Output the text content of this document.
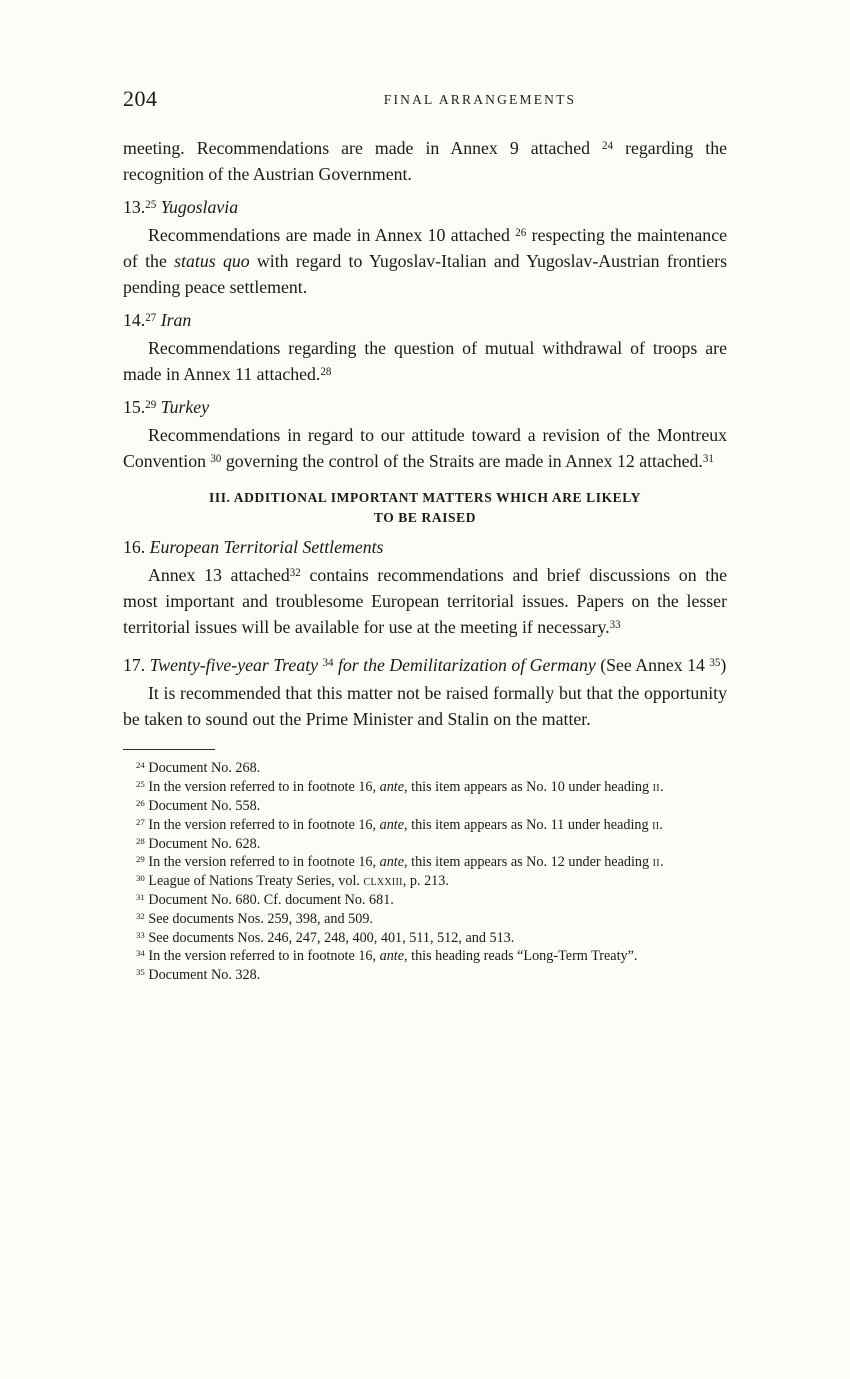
204	FINAL ARRANGEMENTS

meeting. Recommendations are made in Annex 9 attached $^{24}$ regarding the recognition of the Austrian Government.

13.25 Yugoslavia

Recommendations are made in Annex 10 attached $^{26}$ respecting the maintenance of the status quo with regard to Yugoslav-Italian and Yugoslav-Austrian frontiers pending peace settlement.

14.27 Iran

Recommendations regarding the question of mutual withdrawal of troops are made in Annex 11 attached.$^{28}$

15.29 Turkey

Recommendations in regard to our attitude toward a revision of the Montreux Convention $^{30}$ governing the control of the Straits are made in Annex 12 attached.$^{31}$

III. ADDITIONAL IMPORTANT MATTERS WHICH ARE LIKELY
TO BE RAISED
16. European Territorial Settlements

Annex 13 attached$^{32}$ contains recommendations and brief discussions on the most important and troublesome European territorial issues. Papers on the lesser territorial issues will be available for use at the meeting if necessary.$^{33}$

17. Twenty-five-year Treaty $^{34}$ for the Demilitarization of Germany (See Annex 14 $^{35}$)

It is recommended that this matter not be raised formally but that the opportunity be taken to sound out the Prime Minister and Stalin on the matter.

$^{24}$ Document No. 268.

$^{25}$ In the version referred to in footnote 16, ante, this item appears as No. 10 under heading ii.

$^{26}$ Document No. 558.

$^{27}$ In the version referred to in footnote 16, ante, this item appears as No. 11 under heading ii.

$^{28}$ Document No. 628.

$^{29}$ In the version referred to in footnote 16, ante, this item appears as No. 12 under heading ii.

$^{30}$ League of Nations Treaty Series, vol. clxxiii, p. 213.

$^{31}$ Document No. 680. Cf. document No. 681.

$^{32}$ See documents Nos. 259, 398, and 509.

$^{33}$ See documents Nos. 246, 247, 248, 400, 401, 511, 512, and 513.

$^{34}$ In the version referred to in footnote 16, ante, this heading reads “Long-Term Treaty”.

$^{35}$ Document No. 328.
